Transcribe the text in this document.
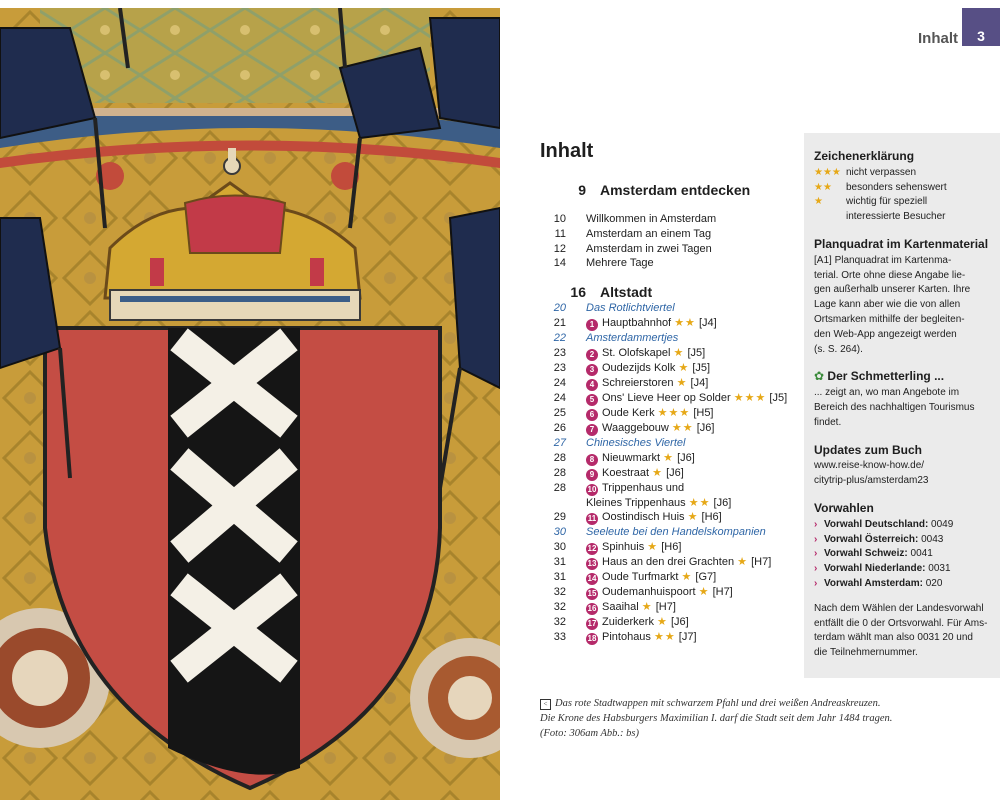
Inhalt	3
Inhalt
9	Amsterdam entdecken
10	Willkommen in Amsterdam
11	Amsterdam an einem Tag
12	Amsterdam in zwei Tagen
14	Mehrere Tage
16	Altstadt
20	Das Rotlichtviertel
21	1 Hauptbahnhof ★★ [J4]
22	Amsterdammertjes
23	2 St. Olofskapel ★ [J5]
23	3 Oudezijds Kolk ★ [J5]
24	4 Schreierstoren ★ [J4]
24	5 Ons' Lieve Heer op Solder ★★★ [J5]
25	6 Oude Kerk ★★★ [H5]
26	7 Waaggebouw ★★ [J6]
27	Chinesisches Viertel
28	8 Nieuwmarkt ★ [J6]
28	9 Koestraat ★ [J6]
28	10 Trippenhaus und
Kleines Trippenhaus ★★ [J6]
29	11 Oostindisch Huis ★ [H6]
30	Seeleute bei den Handelskompanien
30	12 Spinhuis ★ [H6]
31	13 Haus an den drei Grachten ★ [H7]
31	14 Oude Turfmarkt ★ [G7]
32	15 Oudemanhuispoort ★ [H7]
32	16 Saaihal ★ [H7]
32	17 Zuiderkerk ★ [J6]
33	18 Pintohaus ★★ [J7]
Zeichenerklärung
★★★ nicht verpassen
★★	besonders sehenswert
★	wichtig für speziell
interessierte Besucher
Planquadrat im Kartenmaterial

[A1] Planquadrat im Kartenma-

terial. Orte ohne diese Angabe lie-

gen außerhalb unserer Karten. Ihre

Lage kann aber wie die von allen

Ortsmarken mithilfe der begleiten-

den Web-App angezeigt werden

(s. S. 264).

✿ Der Schmetterling ...

... zeigt an, wo man Angebote im

Bereich des nachhaltigen Tourismus

findet.

Updates zum Buch

www.reise-know-how.de/

citytrip-plus/amsterdam23

Vorwahlen
› Vorwahl Deutschland: 0049
› Vorwahl Österreich: 0043
› Vorwahl Schweiz: 0041
› Vorwahl Niederlande: 0031
› Vorwahl Amsterdam: 020

Nach dem Wählen der Landesvorwahl

entfällt die 0 der Ortsvorwahl. Für Ams-

terdam wählt man also 0031 20 und

die Teilnehmernummer.

< Das rote Stadtwappen mit schwarzem Pfahl und drei weißen Andreaskreuzen.
Die Krone des Habsburgers Maximilian I. darf die Stadt seit dem Jahr 1484 tragen.
(Foto: 306am Abb.: bs)
